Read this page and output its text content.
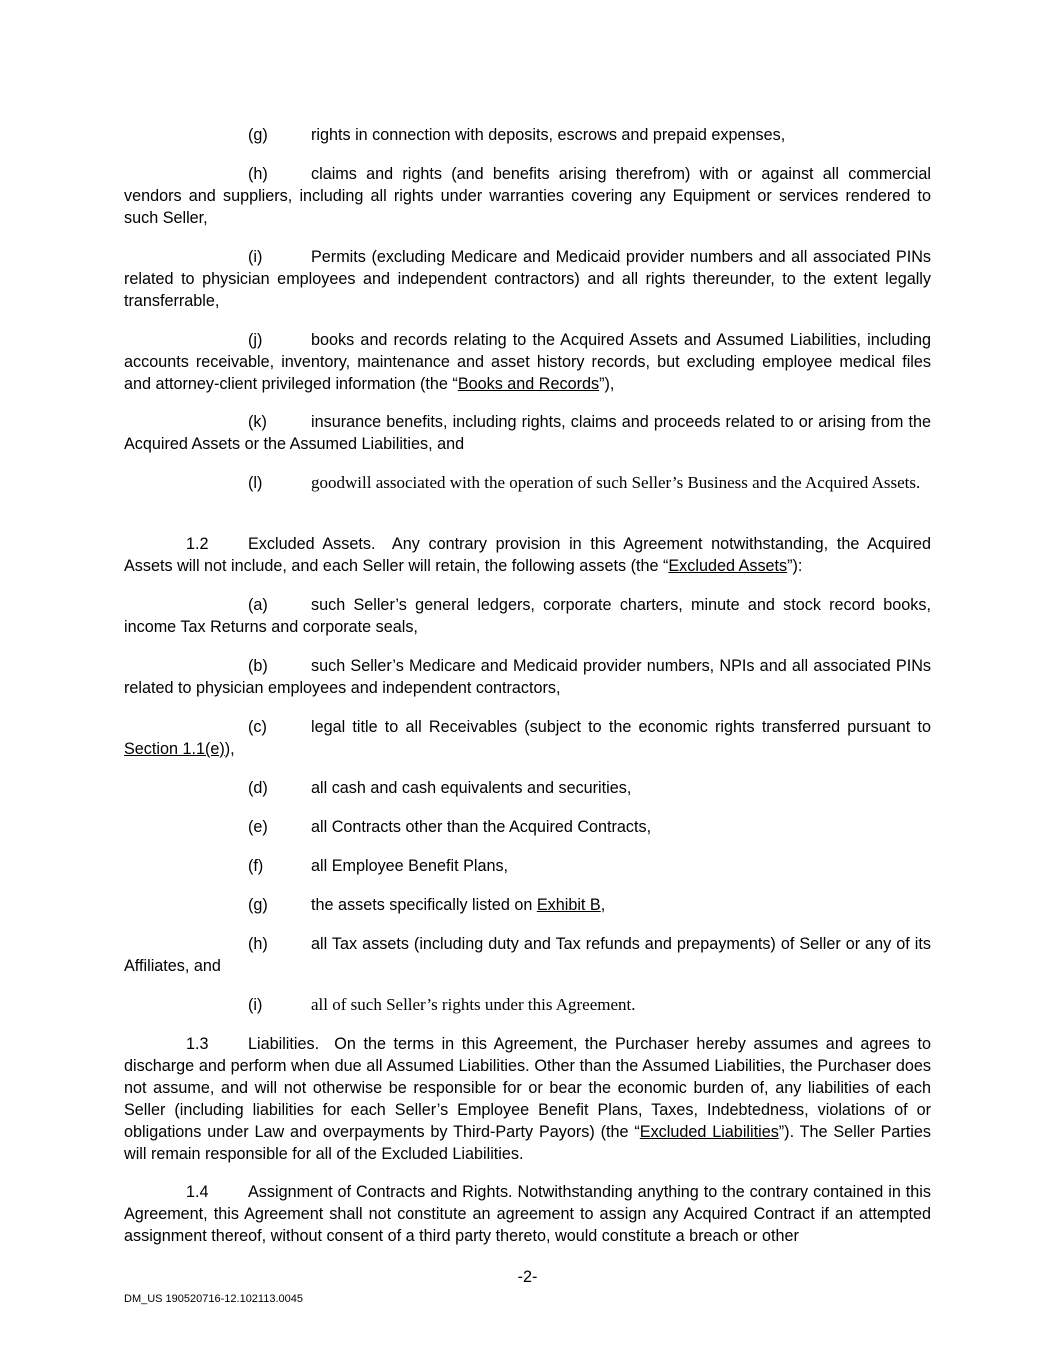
(g)	rights in connection with deposits, escrows and prepaid expenses,

(h)	claims and rights (and benefits arising therefrom) with or against all commercial vendors and suppliers, including all rights under warranties covering any Equipment or services rendered to such Seller,

(i)	Permits (excluding Medicare and Medicaid provider numbers and all associated PINs related to physician employees and independent contractors) and all rights thereunder, to the extent legally transferrable,

(j)	books and records relating to the Acquired Assets and Assumed Liabilities, including accounts receivable, inventory, maintenance and asset history records, but excluding employee medical files and attorney-client privileged information (the “Books and Records”),

(k)	insurance benefits, including rights, claims and proceeds related to or arising from the Acquired Assets or the Assumed Liabilities, and

(l)	goodwill associated with the operation of such Seller’s Business and the Acquired Assets.

1.2 Excluded Assets. Any contrary provision in this Agreement notwithstanding, the Acquired Assets will not include, and each Seller will retain, the following assets (the “Excluded Assets”):

(a)	such Seller’s general ledgers, corporate charters, minute and stock record books, income Tax Returns and corporate seals,

(b)	such Seller’s Medicare and Medicaid provider numbers, NPIs and all associated PINs related to physician employees and independent contractors,

(c)	legal title to all Receivables (subject to the economic rights transferred pursuant to Section 1.1(e)),

(d)	all cash and cash equivalents and securities,

(e)	all Contracts other than the Acquired Contracts,

(f)	all Employee Benefit Plans,

(g)	the assets specifically listed on Exhibit B,

(h)	all Tax assets (including duty and Tax refunds and prepayments) of Seller or any of its Affiliates, and

(i)	all of such Seller’s rights under this Agreement.

1.3 Liabilities. On the terms in this Agreement, the Purchaser hereby assumes and agrees to discharge and perform when due all Assumed Liabilities. Other than the Assumed Liabilities, the Purchaser does not assume, and will not otherwise be responsible for or bear the economic burden of, any liabilities of each Seller (including liabilities for each Seller’s Employee Benefit Plans, Taxes, Indebtedness, violations of or obligations under Law and overpayments by Third-Party Payors) (the “Excluded Liabilities”). The Seller Parties will remain responsible for all of the Excluded Liabilities.

1.4 Assignment of Contracts and Rights. Notwithstanding anything to the contrary contained in this Agreement, this Agreement shall not constitute an agreement to assign any Acquired Contract if an attempted assignment thereof, without consent of a third party thereto, would constitute a breach or other

-2-
DM_US 190520716-12.102113.0045
